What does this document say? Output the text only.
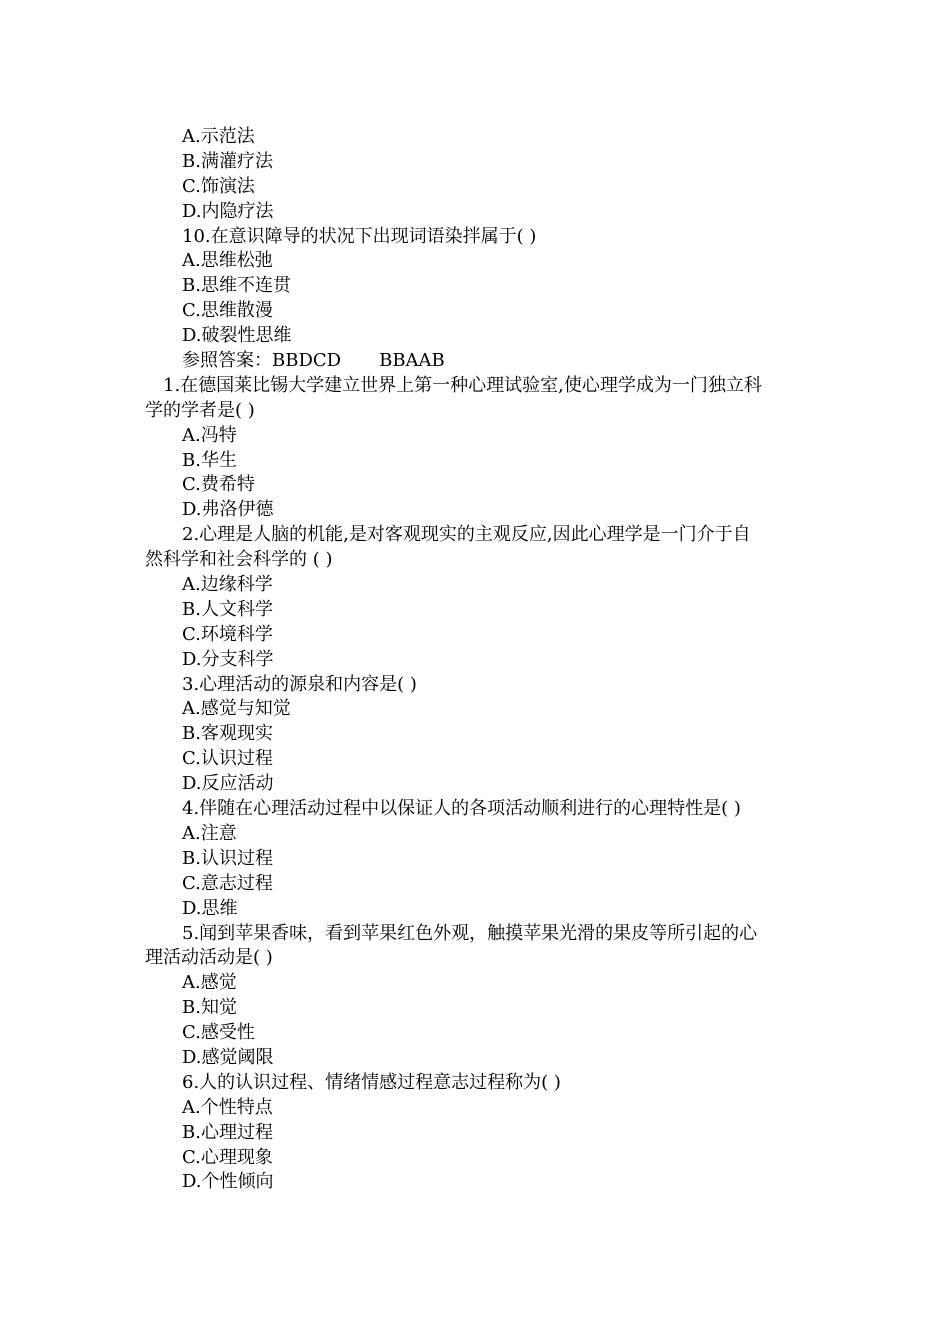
A.示范法
B.满灌疗法
C.饰演法
D.内隐疗法
10.在意识障导的状况下出现词语染拌属于( )
A.思维松弛
B.思维不连贯
C.思维散漫
D.破裂性思维
参照答案：BBDCD BBAAB
1.在德国莱比锡大学建立世界上第一种心理试验室,使心理学成为一门独立科
学的学者是( )
A.冯特
B.华生
C.费希特
D.弗洛伊德
2.心理是人脑的机能,是对客观现实的主观反应,因此心理学是一门介于自
然科学和社会科学的 ( )
A.边缘科学
B.人文科学
C.环境科学
D.分支科学
3.心理活动的源泉和内容是( )
A.感觉与知觉
B.客观现实
C.认识过程
D.反应活动
4.伴随在心理活动过程中以保证人的各项活动顺利进行的心理特性是( )
A.注意
B.认识过程
C.意志过程
D.思维
5.闻到苹果香味，看到苹果红色外观，触摸苹果光滑的果皮等所引起的心
理活动活动是( )
A.感觉
B.知觉
C.感受性
D.感觉阈限
6.人的认识过程、情绪情感过程意志过程称为( )
A.个性特点
B.心理过程
C.心理现象
D.个性倾向
